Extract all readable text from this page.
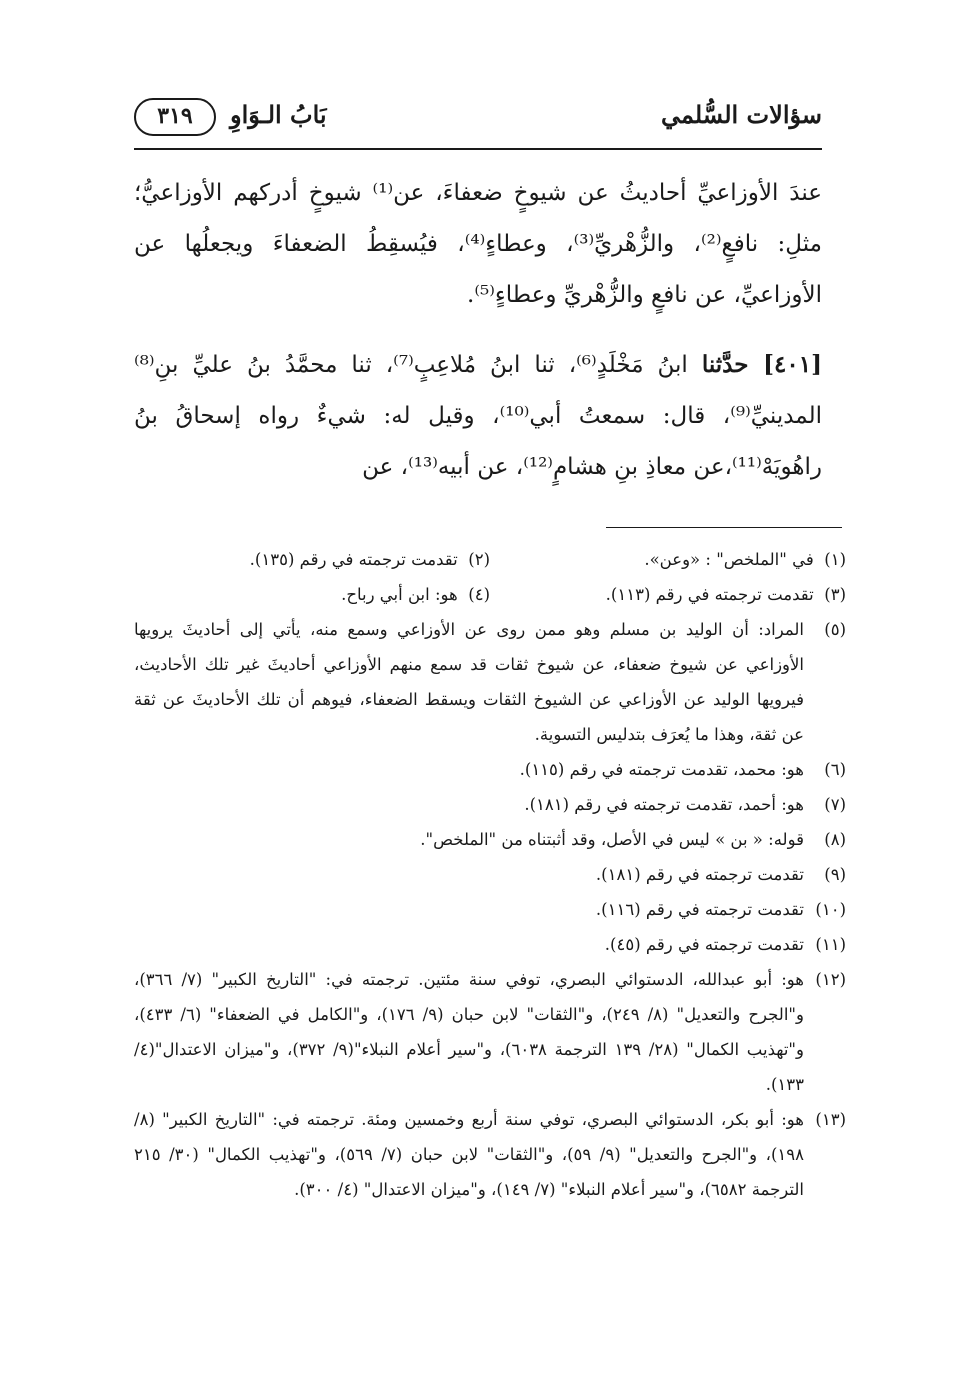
سؤالات السُّلمي
بَابُ الـوَاوِ
٣١٩

عندَ الأوزاعيِّ أحاديثُ عن شيوخٍ ضعفاءَ، عن⁽¹⁾ شيوخٍ أدركهم الأوزاعيُّ؛ مثلِ: نافعٍ⁽²⁾، والزُّهْريِّ⁽³⁾، وعطاءٍ⁽⁴⁾، فيُسقِطُ الضعفاءَ ويجعلُها عن الأوزاعيِّ، عن نافعٍ والزُّهْريِّ وعطاءٍ⁽⁵⁾.

[٤٠١] حدَّثنا ابنُ مَخْلَدٍ⁽⁶⁾، ثنا ابنُ مُلاعِبٍ⁽⁷⁾، ثنا محمَّدُ بنُ عليِّ بنِ⁽⁸⁾ المدينيِّ⁽⁹⁾، قال: سمعتُ أبي⁽¹⁰⁾، وقيل له: شيءٌ رواه إسحاقُ بنُ راهُويَهْ⁽¹¹⁾،عن معاذِ بنِ هشامٍ⁽¹²⁾، عن أبيه⁽¹³⁾، عن

(١)  في "الملخص" : «وعن».
(٢)  تقدمت ترجمته في رقم (١٣٥).
(٣)  تقدمت ترجمته في رقم (١١٣).
(٤)  هو: ابن أبي رباح.
(٥)
المراد: أن الوليد بن مسلم وهو ممن روى عن الأوزاعي وسمع منه، يأتي إلى أحاديثَ يرويها الأوزاعي عن شيوخ ضعفاء، عن شيوخ ثقات قد سمع منهم الأوزاعي أحاديثَ غير تلك الأحاديث، فيرويها الوليد عن الأوزاعي عن الشيوخ الثقات ويسقط الضعفاء، فيوهم أن تلك الأحاديثَ عن ثقة عن ثقة، وهذا ما يُعرَف بتدليس التسوية.
(٦)
هو: محمد، تقدمت ترجمته في رقم (١١٥).
(٧)
هو: أحمد، تقدمت ترجمته في رقم (١٨١).
(٨)
قوله: « بن » ليس في الأصل، وقد أثبتناه من "الملخص".
(٩)
تقدمت ترجمته في رقم (١٨١).
(١٠)
تقدمت ترجمته في رقم (١١٦).
(١١)
تقدمت ترجمته في رقم (٤٥).
(١٢)
هو: أبو عبدالله، الدستوائي البصري، توفي سنة مئتين. ترجمته في: "التاريخ الكبير" (٧/ ٣٦٦)، و"الجرح والتعديل" (٨/ ٢٤٩)، و"الثقات" لابن حبان (٩/ ١٧٦)، و"الكامل في الضعفاء" (٦/ ٤٣٣)، و"تهذيب الكمال" (٢٨/ ١٣٩ الترجمة ٦٠٣٨)، و"سير أعلام النبلاء"(٩/ ٣٧٢)، و"ميزان الاعتدال"(٤/ ١٣٣).
(١٣)
هو: أبو بكر، الدستوائي البصري، توفي سنة أربع وخمسين ومئة. ترجمته في: "التاريخ الكبير" (٨/ ١٩٨)، و"الجرح والتعديل" (٩/ ٥٩)، و"الثقات" لابن حبان (٧/ ٥٦٩)، و"تهذيب الكمال" (٣٠/ ٢١٥ الترجمة ٦٥٨٢)، و"سير أعلام النبلاء" (٧/ ١٤٩)، و"ميزان الاعتدال" (٤/ ٣٠٠).
